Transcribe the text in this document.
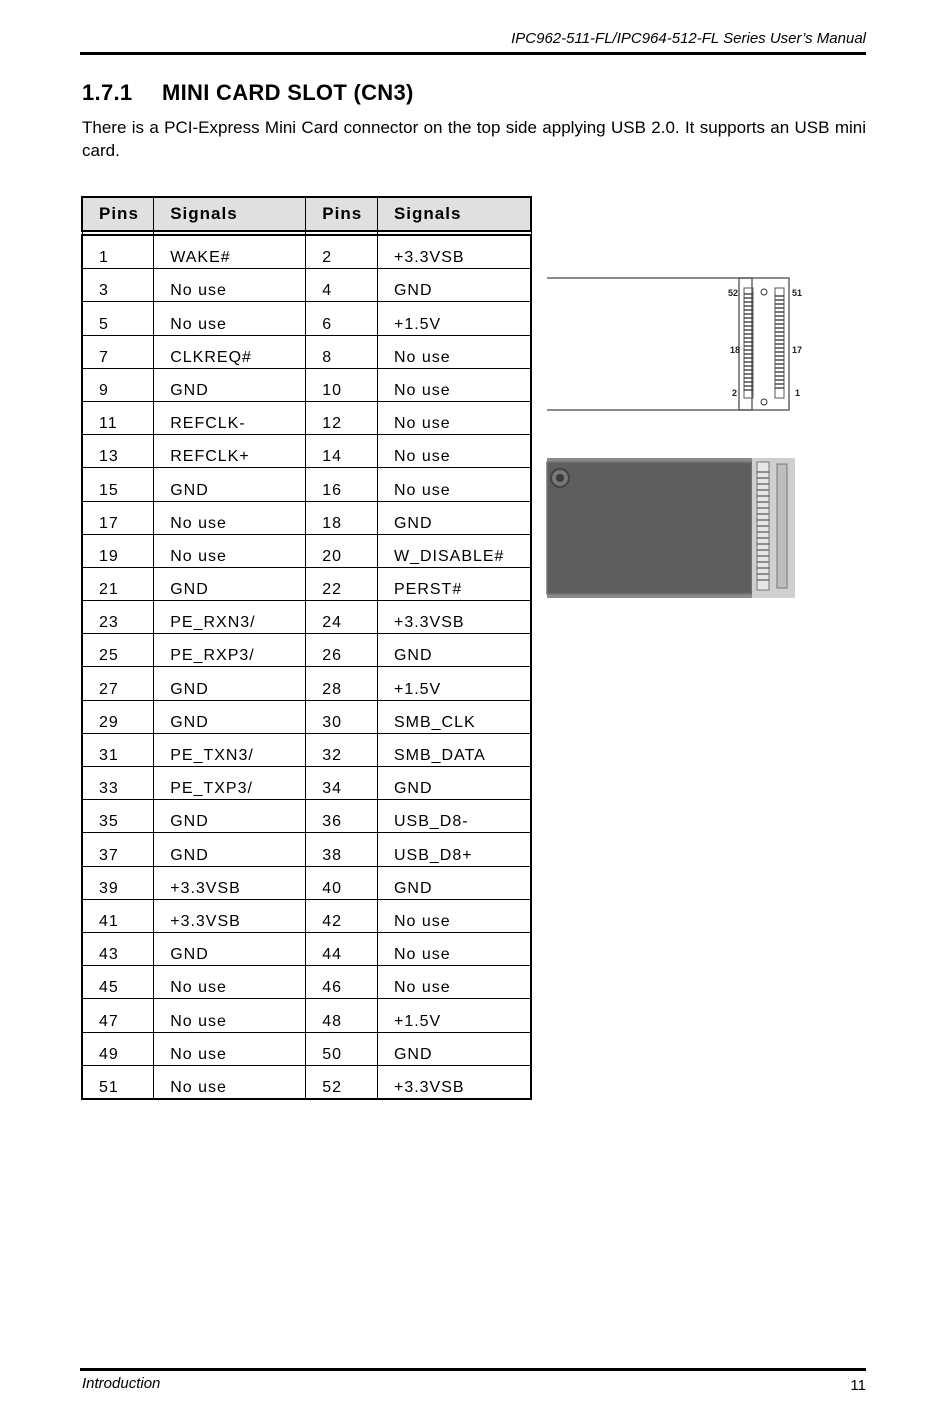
IPC962-511-FL/IPC964-512-FL Series User’s Manual
1.7.1 MINI CARD SLOT (CN3)
There is a PCI-Express Mini Card connector on the top side applying USB 2.0. It supports an USB mini card.
Pins	Signals	Pins	Signals

1	WAKE#	2	+3.3VSB
3	No use	4	GND
5	No use	6	+1.5V
7	CLKREQ#	8	No use
9	GND	10	No use
11	REFCLK-	12	No use
13	REFCLK+	14	No use
15	GND	16	No use
17	No use	18	GND
19	No use	20	W_DISABLE#
21	GND	22	PERST#
23	PE_RXN3/	24	+3.3VSB
25	PE_RXP3/	26	GND
27	GND	28	+1.5V
29	GND	30	SMB_CLK
31	PE_TXN3/	32	SMB_DATA
33	PE_TXP3/	34	GND
35	GND	36	USB_D8-
37	GND	38	USB_D8+
39	+3.3VSB	40	GND
41	+3.3VSB	42	No use
43	GND	44	No use
45	No use	46	No use
47	No use	48	+1.5V
49	No use	50	GND
51	No use	52	+3.3VSB
52	51
18	17
2	1
Introduction	11
